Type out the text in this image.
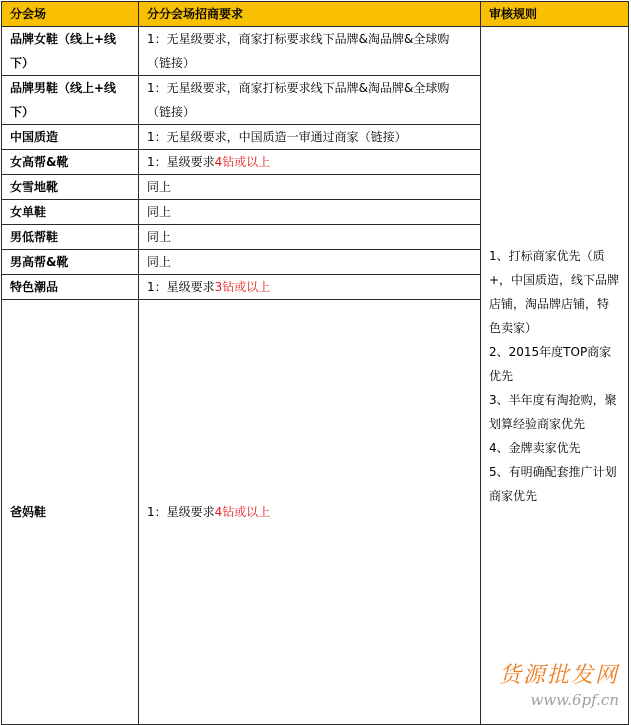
分会场	分分会场招商要求	审核规则
品牌女鞋（线上+线下）	1：无星级要求，商家打标要求线下品牌&淘品牌&全球购（链接）	1、打标商家优先（质+，中国质造，线下品牌店铺，淘品牌店铺，特色卖家）
2、2015年度TOP商家优先
3、半年度有淘抢购，聚划算经验商家优先
4、金牌卖家优先
5、有明确配套推广计划商家优先

品牌男鞋（线上+线下）	1：无星级要求，商家打标要求线下品牌&淘品牌&全球购（链接）	
中国质造	1：无星级要求，中国质造一审通过商家（链接）	
女高帮&靴	1：星级要求4钻或以上	
女雪地靴	同上	
女单鞋	同上	
男低帮鞋	同上	
男高帮&靴	同上	
特色潮品	1：星级要求3钻或以上	
爸妈鞋	1：星级要求4钻或以上	
货源批发网
www.6pf.cn
